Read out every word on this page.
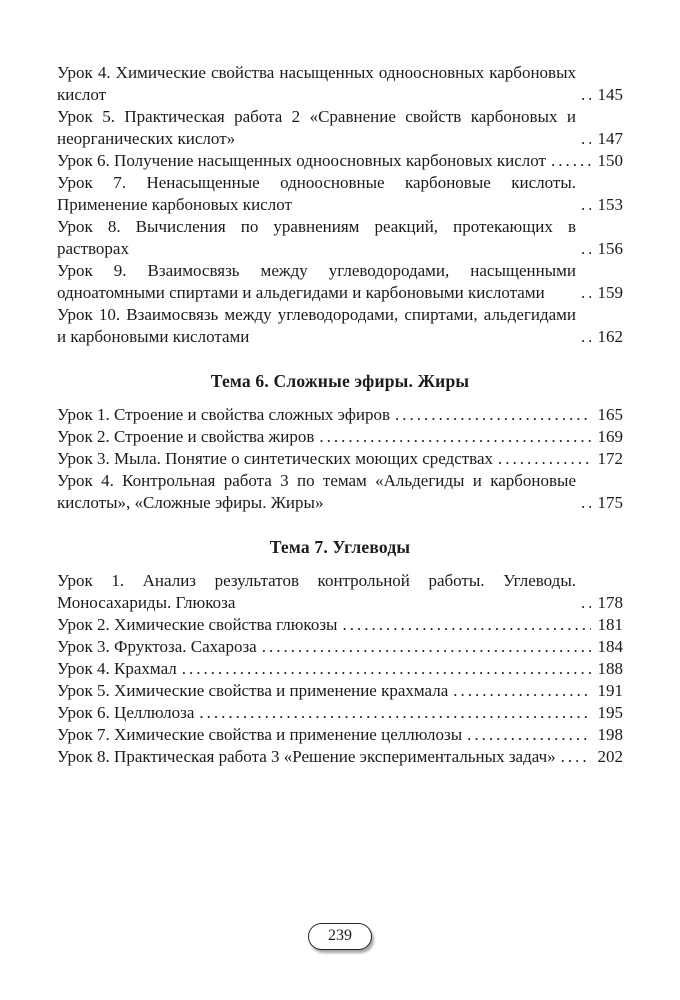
Урок 4. Химические свойства насыщенных одноосновных карбоновых кислот .....	145
Урок 5. Практическая работа 2 «Сравнение свойств карбоновых и неорганических кислот» .....	147
Урок 6. Получение насыщенных одноосновных карбоновых кислот .....	150
Урок 7. Ненасыщенные одноосновные карбоновые кислоты. Применение карбоновых кислот .....	153
Урок 8. Вычисления по уравнениям реакций, протекающих в растворах .....	156
Урок 9. Взаимосвязь между углеводородами, насыщенными одноатомными спиртами и альдегидами и карбоновыми кислотами .....	159
Урок 10. Взаимосвязь между углеводородами, спиртами, альдегидами и карбоновыми кислотами .....	162
Тема 6. Сложные эфиры. Жиры
Урок 1. Строение и свойства сложных эфиров .....	165
Урок 2. Строение и свойства жиров .....	169
Урок 3. Мыла. Понятие о синтетических моющих средствах .....	172
Урок 4. Контрольная работа 3 по темам «Альдегиды и карбоновые кислоты», «Сложные эфиры. Жиры» .....	175
Тема 7. Углеводы
Урок 1. Анализ результатов контрольной работы. Углеводы. Моносахариды. Глюкоза .....	178
Урок 2. Химические свойства глюкозы .....	181
Урок 3. Фруктоза. Сахароза .....	184
Урок 4. Крахмал .....	188
Урок 5. Химические свойства и применение крахмала .....	191
Урок 6. Целлюлоза .....	195
Урок 7. Химические свойства и применение целлюлозы .....	198
Урок 8. Практическая работа 3 «Решение экспериментальных задач» ..... 202
239
